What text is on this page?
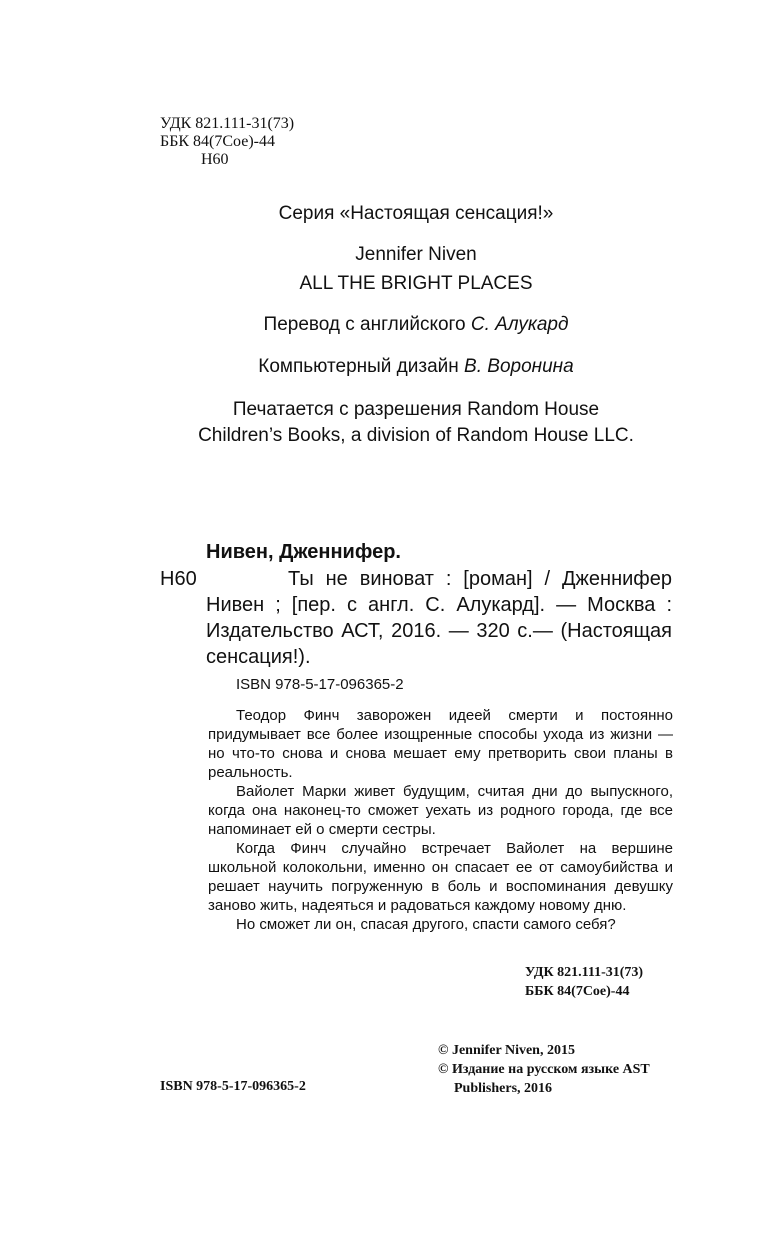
УДК 821.111-31(73)
ББК 84(7Сое)-44
Н60
Серия «Настоящая сенсация!»
Jennifer Niven
ALL THE BRIGHT PLACES
Перевод с английского С. Алукард
Компьютерный дизайн В. Воронина
Печатается с разрешения Random House
Children’s Books, a division of Random House LLC.
Нивен, Дженнифер.
Н60	Ты не виноват : [роман] / Дженнифер Нивен ; [пер. с англ. С. Алукард]. — Москва : Издательство АСТ, 2016. — 320 с.— (Настоящая сенсация!).

ISBN 978-5-17-096365-2

Теодор Финч заворожен идеей смерти и постоянно придумывает все более изощренные способы ухода из жизни — но что-то снова и снова мешает ему претворить свои планы в реальность.

Вайолет Марки живет будущим, считая дни до выпускного, когда она наконец-то сможет уехать из родного города, где все напоминает ей о смерти сестры.

Когда Финч случайно встречает Вайолет на вершине школьной колокольни, именно он спасает ее от самоубийства и решает научить погруженную в боль и воспоминания девушку заново жить, надеяться и радоваться каждому новому дню.

Но сможет ли он, спасая другого, спасти самого себя?

УДК 821.111-31(73)
ББК 84(7Сое)-44
© Jennifer Niven, 2015
© Издание на русском языке AST
Publishers, 2016
ISBN 978-5-17-096365-2
